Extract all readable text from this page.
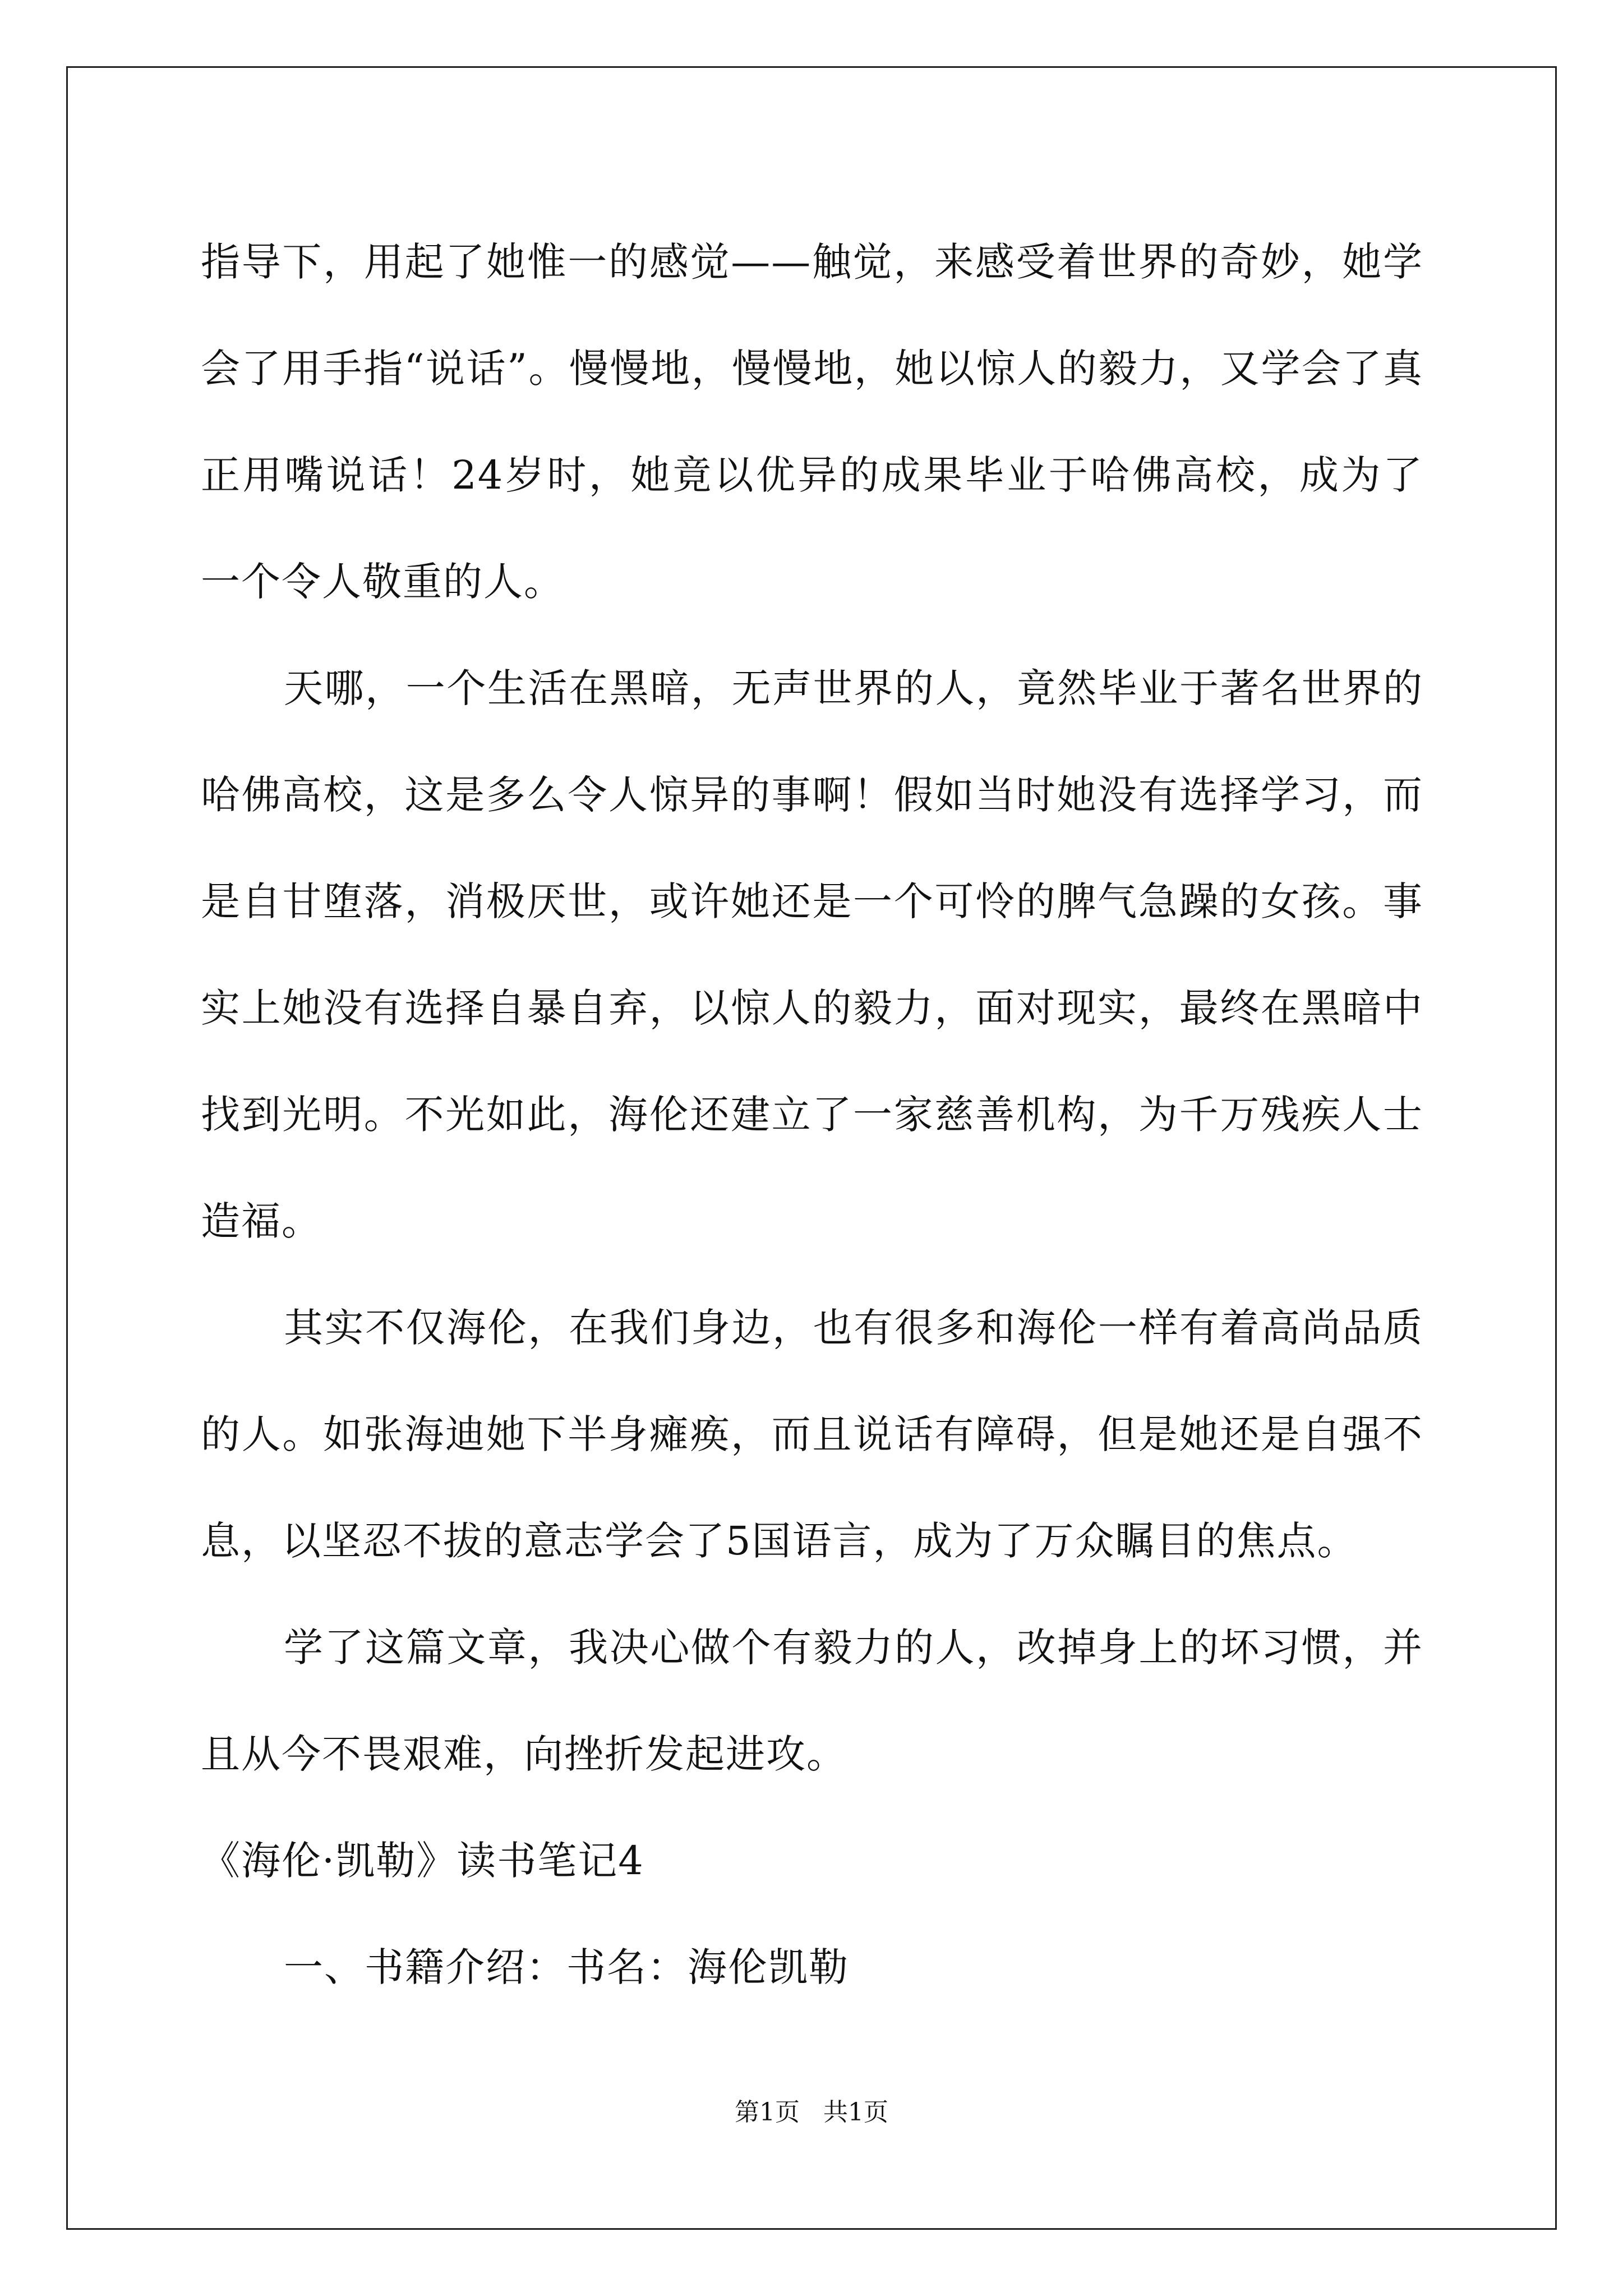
指导下，用起了她惟一的感觉——触觉，来感受着世界的奇妙，她学会了用手指“说话”。慢慢地，慢慢地，她以惊人的毅力，又学会了真正用嘴说话！24岁时，她竟以优异的成果毕业于哈佛高校，成为了一个令人敬重的人。

天哪，一个生活在黑暗，无声世界的人，竟然毕业于著名世界的哈佛高校，这是多么令人惊异的事啊！假如当时她没有选择学习，而是自甘堕落，消极厌世，或许她还是一个可怜的脾气急躁的女孩。事实上她没有选择自暴自弃，以惊人的毅力，面对现实，最终在黑暗中找到光明。不光如此，海伦还建立了一家慈善机构，为千万残疾人士造福。

其实不仅海伦，在我们身边，也有很多和海伦一样有着高尚品质的人。如张海迪她下半身瘫痪，而且说话有障碍，但是她还是自强不息，以坚忍不拔的意志学会了5国语言，成为了万众瞩目的焦点。

学了这篇文章，我决心做个有毅力的人，改掉身上的坏习惯，并且从今不畏艰难，向挫折发起进攻。

《海伦·凯勒》读书笔记4

一、书籍介绍：书名：海伦凯勒

第1页 共1页
